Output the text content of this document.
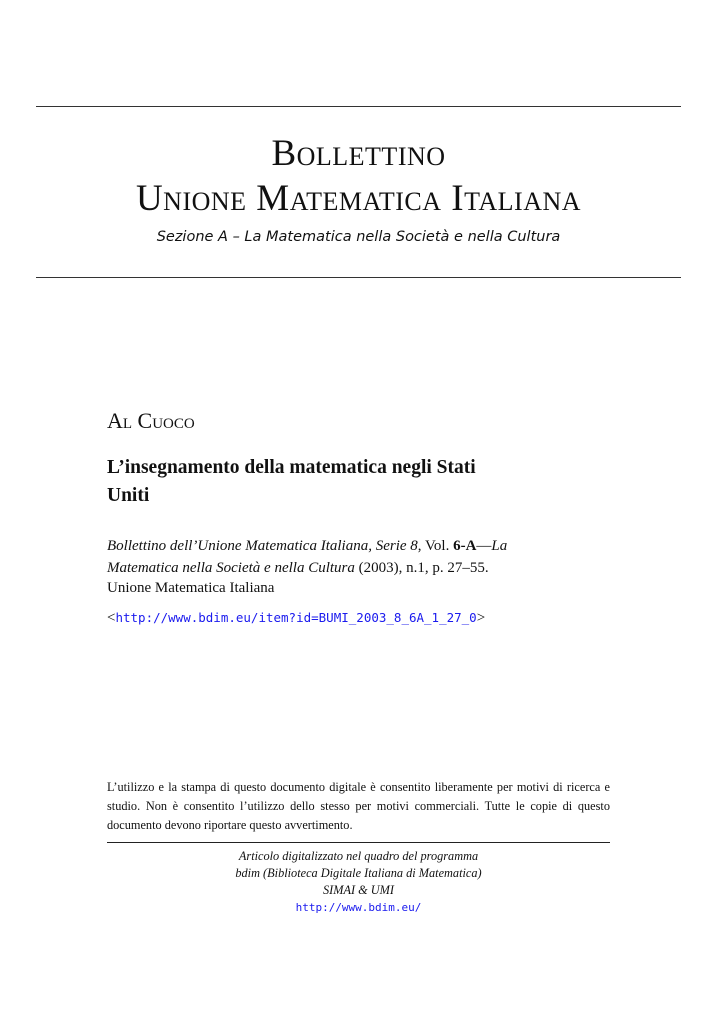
Bollettino
Unione Matematica Italiana
Sezione A – La Matematica nella Società e nella Cultura
Al Cuoco
L’insegnamento della matematica negli Stati
Uniti
Bollettino dell’Unione Matematica Italiana, Serie 8, Vol. 6-A—La
Matematica nella Società e nella Cultura (2003), n.1, p. 27–55.
Unione Matematica Italiana
<http://www.bdim.eu/item?id=BUMI_2003_8_6A_1_27_0>
L’utilizzo e la stampa di questo documento digitale è consentito liberamente per motivi di ricerca e studio. Non è consentito l’utilizzo dello stesso per motivi commerciali. Tutte le copie di questo documento devono riportare questo avvertimento.
Articolo digitalizzato nel quadro del programma
bdim (Biblioteca Digitale Italiana di Matematica)
SIMAI & UMI
http://www.bdim.eu/
